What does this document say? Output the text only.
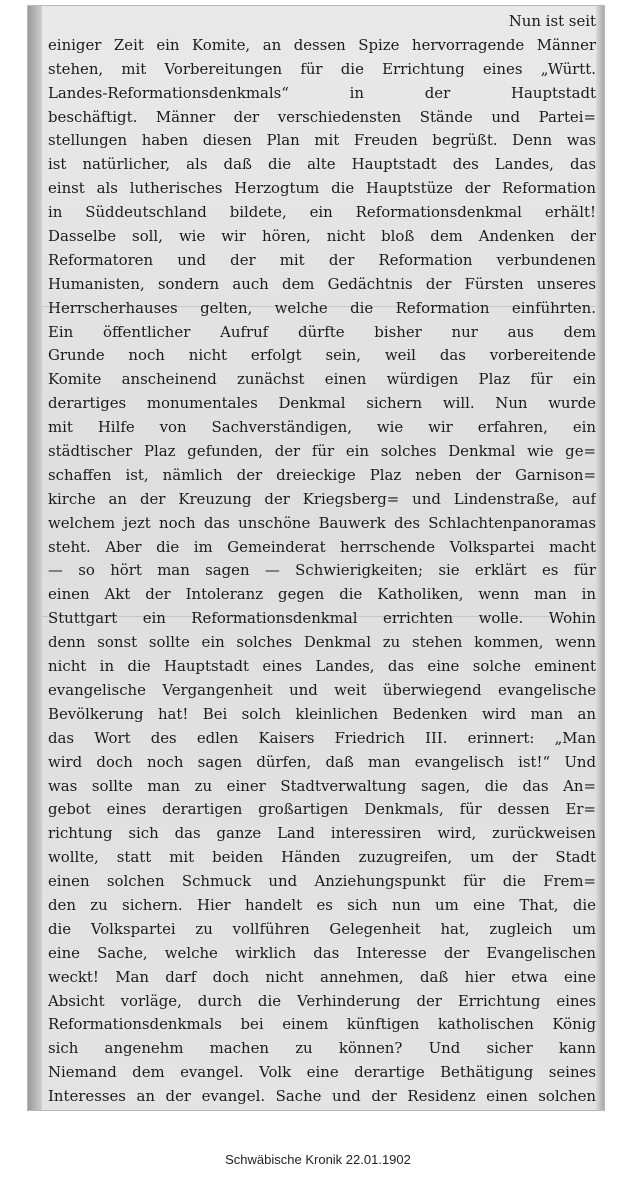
Nun ist seit
einiger Zeit ein Komite, an dessen Spize hervorragende Männer
stehen, mit Vorbereitungen für die Errichtung eines „Württ.
Landes-Reformationsdenkmals“ in der Hauptstadt
beschäftigt. Männer der verschiedensten Stände und Partei=
stellungen haben diesen Plan mit Freuden begrüßt. Denn was
ist natürlicher, als daß die alte Hauptstadt des Landes, das
einst als lutherisches Herzogtum die Hauptstüze der Reformation
in Süddeutschland bildete, ein Reformationsdenkmal erhält!
Dasselbe soll, wie wir hören, nicht bloß dem Andenken der
Reformatoren und der mit der Reformation verbundenen
Humanisten, sondern auch dem Gedächtnis der Fürsten unseres
Herrscherhauses gelten, welche die Reformation einführten.
Ein öffentlicher Aufruf dürfte bisher nur aus dem
Grunde noch nicht erfolgt sein, weil das vorbereitende
Komite anscheinend zunächst einen würdigen Plaz für ein
derartiges monumentales Denkmal sichern will. Nun wurde
mit Hilfe von Sachverständigen, wie wir erfahren, ein
städtischer Plaz gefunden, der für ein solches Denkmal wie ge=
schaffen ist, nämlich der dreieckige Plaz neben der Garnison=
kirche an der Kreuzung der Kriegsberg= und Lindenstraße, auf
welchem jezt noch das unschöne Bauwerk des Schlachtenpanoramas
steht. Aber die im Gemeinderat herrschende Volkspartei macht
— so hört man sagen — Schwierigkeiten; sie erklärt es für
einen Akt der Intoleranz gegen die Katholiken, wenn man in
Stuttgart ein Reformationsdenkmal errichten wolle. Wohin
denn sonst sollte ein solches Denkmal zu stehen kommen, wenn
nicht in die Hauptstadt eines Landes, das eine solche eminent
evangelische Vergangenheit und weit überwiegend evangelische
Bevölkerung hat! Bei solch kleinlichen Bedenken wird man an
das Wort des edlen Kaisers Friedrich III. erinnert: „Man
wird doch noch sagen dürfen, daß man evangelisch ist!“ Und
was sollte man zu einer Stadtverwaltung sagen, die das An=
gebot eines derartigen großartigen Denkmals, für dessen Er=
richtung sich das ganze Land interessiren wird, zurückweisen
wollte, statt mit beiden Händen zuzugreifen, um der Stadt
einen solchen Schmuck und Anziehungspunkt für die Frem=
den zu sichern. Hier handelt es sich nun um eine That, die
die Volkspartei zu vollführen Gelegenheit hat, zugleich um
eine Sache, welche wirklich das Interesse der Evangelischen
weckt! Man darf doch nicht annehmen, daß hier etwa eine
Absicht vorläge, durch die Verhinderung der Errichtung eines
Reformationsdenkmals bei einem künftigen katholischen König
sich angenehm machen zu können? Und sicher kann
Niemand dem evangel. Volk eine derartige Bethätigung seines
Interesses an der evangel. Sache und der Residenz einen solchen
Schwäbische Kronik 22.01.1902
